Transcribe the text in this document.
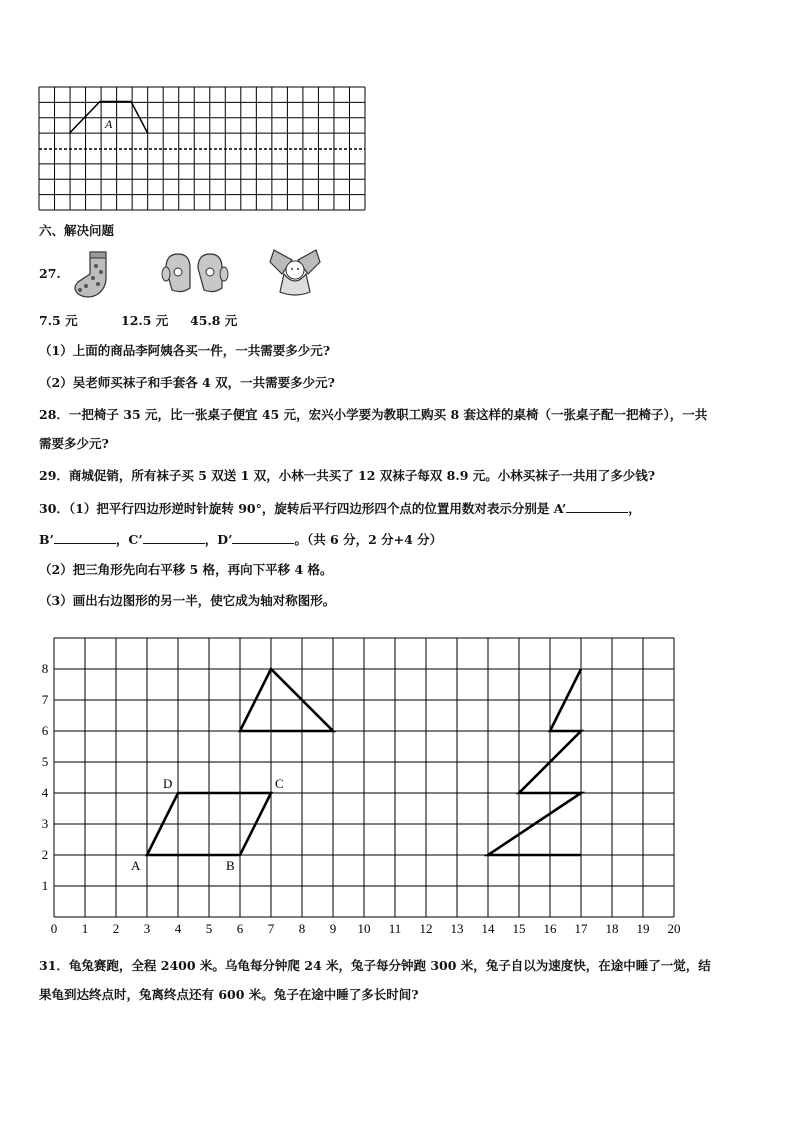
A
六、解决问题
27.
7.5 元	12.5 元 45.8 元
（1）上面的商品李阿姨各买一件，一共需要多少元?
（2）吴老师买袜子和手套各 4 双，一共需要多少元?
28．一把椅子 35 元，比一张桌子便宜 45 元，宏兴小学要为教职工购买 8 套这样的桌椅（一张桌子配一把椅子），一共
需要多少元?
29．商城促销，所有袜子买 5 双送 1 双，小林一共买了 12 双袜子每双 8.9 元。小林买袜子一共用了多少钱?
30．（1）把平行四边形逆时针旋转 90°，旋转后平行四边形四个点的位置用数对表示分别是 A’	，
B’	，C’	，D’	。（共 6 分，2 分+4 分）
（2）把三角形先向右平移 5 格，再向下平移 4 格。
（3）画出右边图形的另一半，使它成为轴对称图形。
0 1 2 3 4 5 6 7 8 9 10 11 12 13 14 15 16 17 18 19 20
1
2
3
4
5
6
7
8
A	B
C
D
31．龟兔赛跑，全程 2400 米。乌龟每分钟爬 24 米，兔子每分钟跑 300 米，兔子自以为速度快，在途中睡了一觉，结
果龟到达终点时，兔离终点还有 600 米。兔子在途中睡了多长时间?
